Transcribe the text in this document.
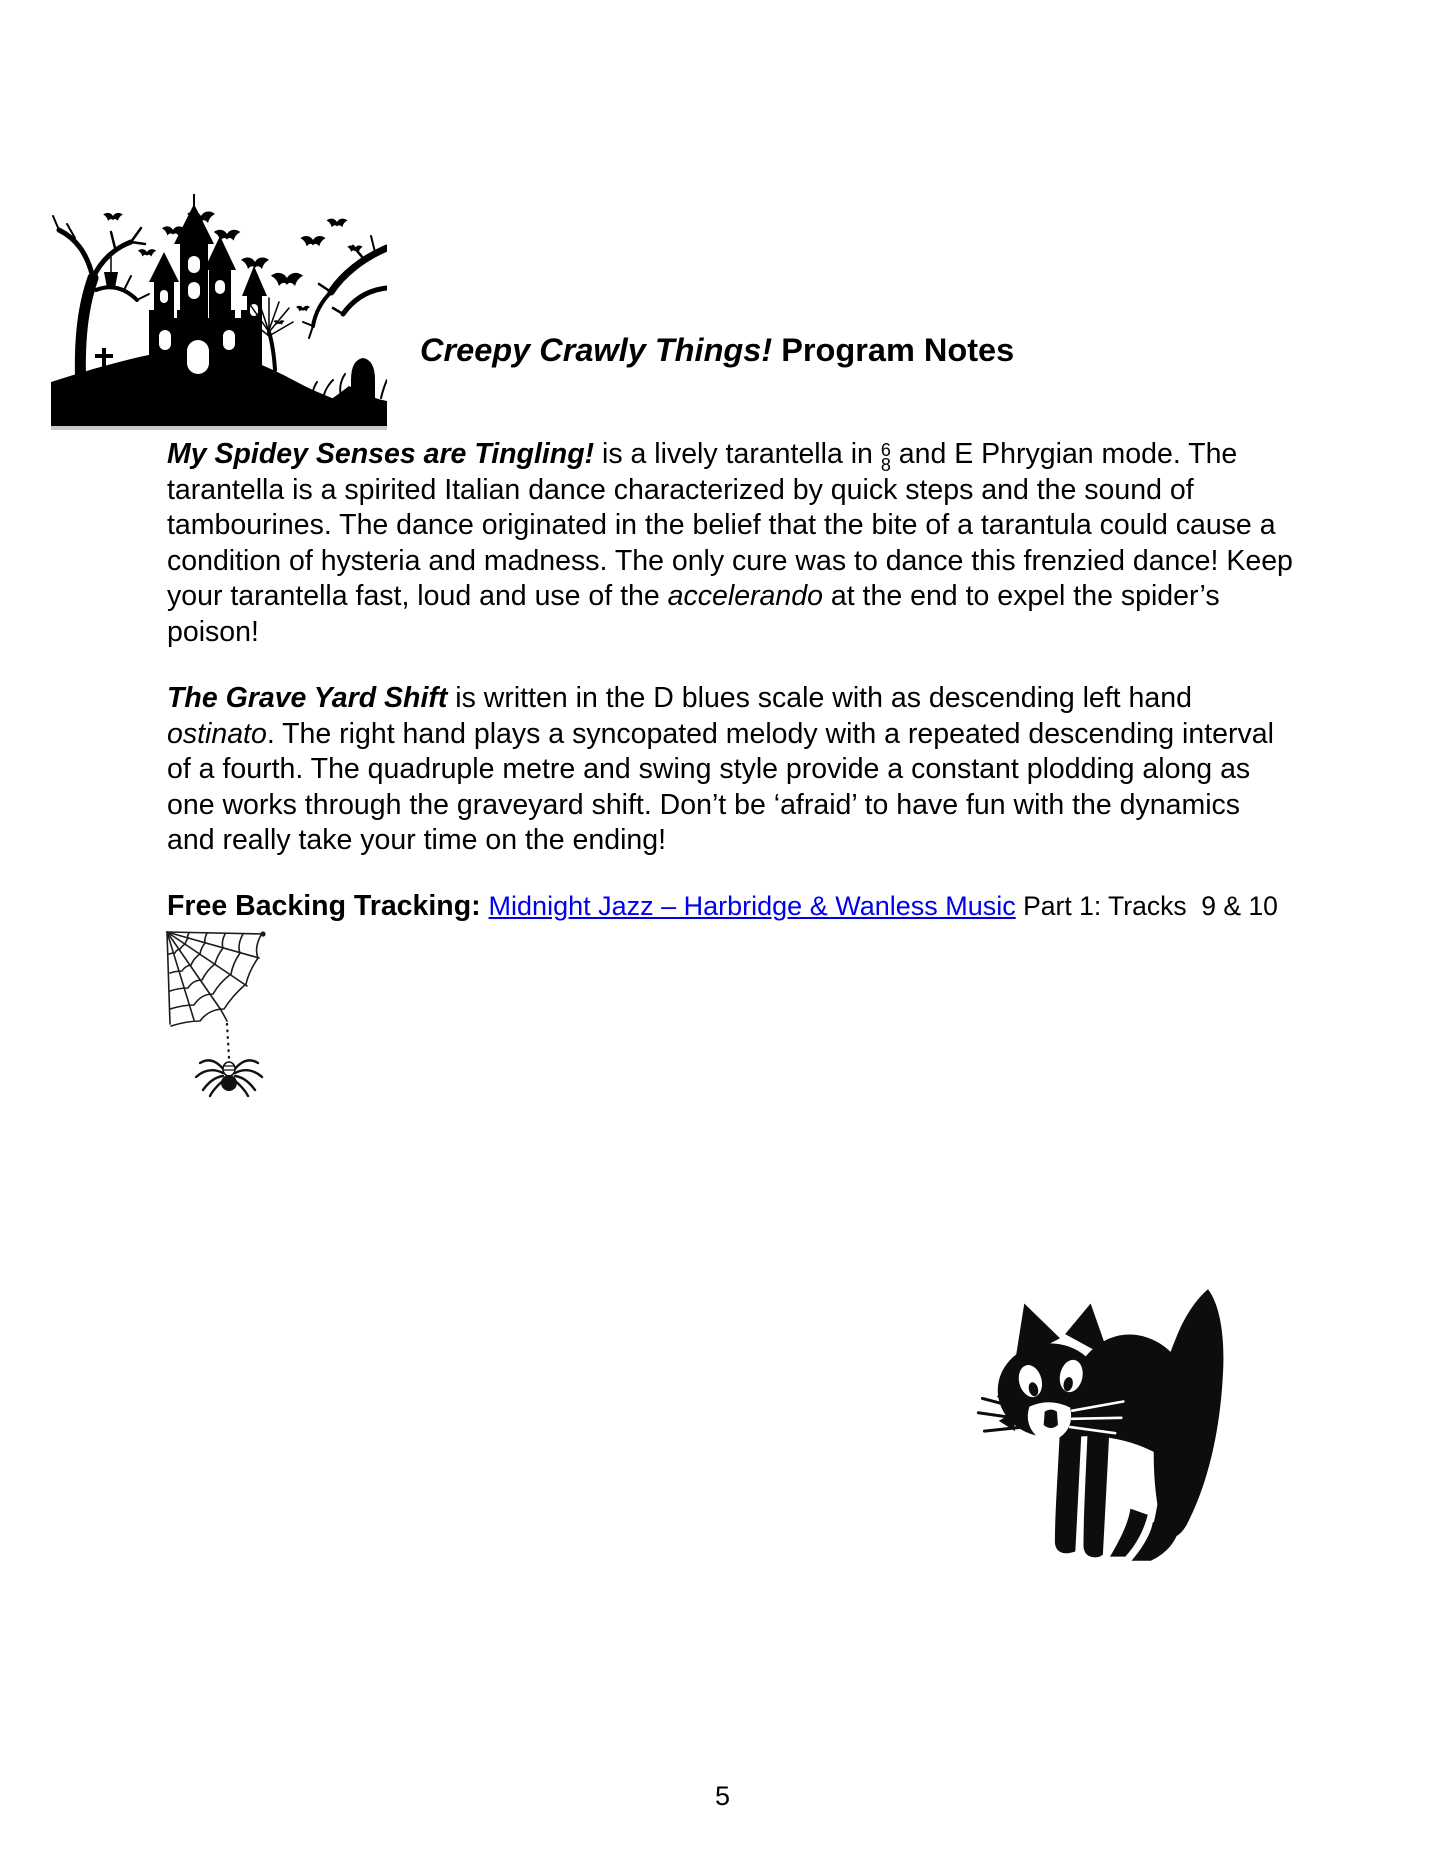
Creepy Crawly Things! Program Notes

My Spidey Senses are Tingling! is a lively tarantella in 6
8 and E Phrygian mode. The tarantella is a spirited Italian dance characterized by quick steps and the sound of tambourines. The dance originated in the belief that the bite of a tarantula could cause a condition of hysteria and madness. The only cure was to dance this frenzied dance! Keep your tarantella fast, loud and use of the accelerando at the end to expel the spider’s poison!

The Grave Yard Shift is written in the D blues scale with as descending left hand ostinato. The right hand plays a syncopated melody with a repeated descending interval of a fourth. The quadruple metre and swing style provide a constant plodding along as one works through the graveyard shift. Don’t be ‘afraid’ to have fun with the dynamics and really take your time on the ending!

Free Backing Tracking: Midnight Jazz – Harbridge & Wanless Music Part 1: Tracks  9 & 10

5
